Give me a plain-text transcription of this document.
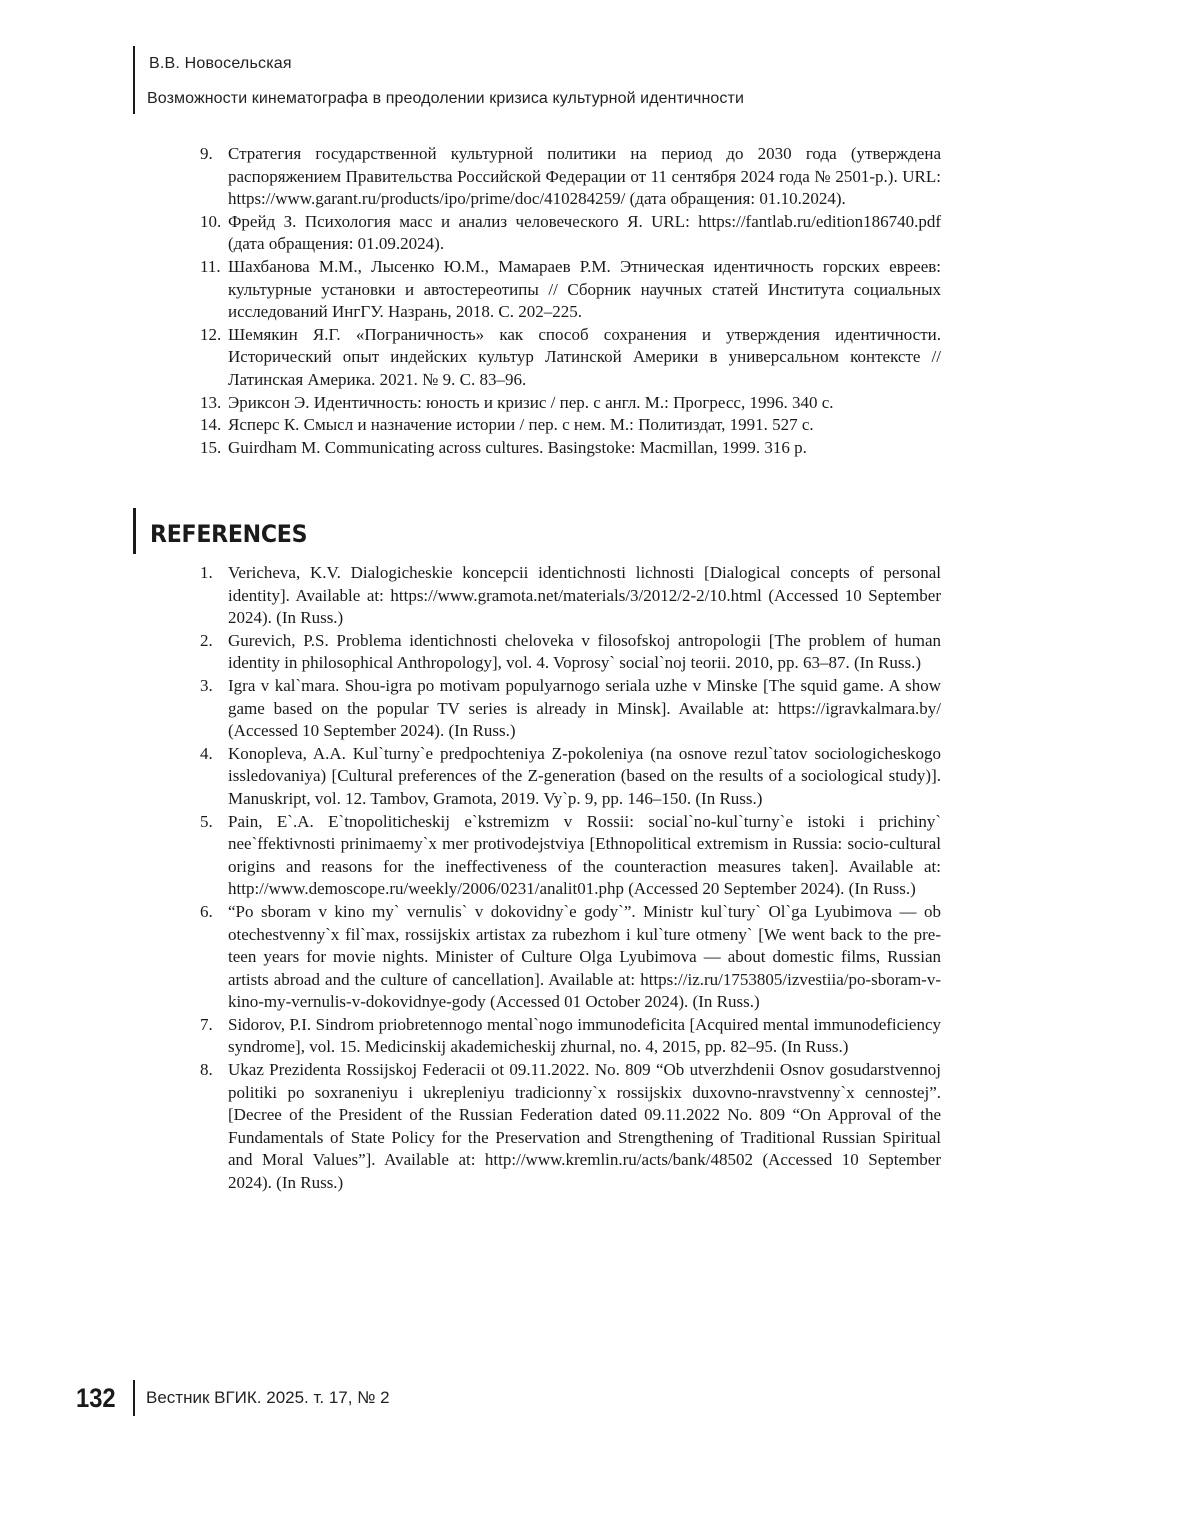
В.В. Новосельская
Возможности кинематографа в преодолении кризиса культурной идентичности
9. Стратегия государственной культурной политики на период до 2030 года (утверждена распоряжением Правительства Российской Федерации от 11 сентября 2024 года № 2501-р.). URL: https://www.garant.ru/products/ipo/prime/doc/410284259/ (дата обращения: 01.10.2024).
10. Фрейд З. Психология масс и анализ человеческого Я. URL: https://fantlab.ru/edition186740.pdf (дата обращения: 01.09.2024).
11. Шахбанова М.М., Лысенко Ю.М., Мамараев Р.М. Этническая идентичность горских евреев: культурные установки и автостереотипы // Сборник научных статей Института социальных исследований ИнгГУ. Назрань, 2018. С. 202–225.
12. Шемякин Я.Г. «Пограничность» как способ сохранения и утверждения идентичности. Исторический опыт индейских культур Латинской Америки в универсальном контексте // Латинская Америка. 2021. № 9. С. 83–96.
13. Эриксон Э. Идентичность: юность и кризис / пер. с англ. М.: Прогресс, 1996. 340 с.
14. Ясперс К. Смысл и назначение истории / пер. с нем. М.: Политиздат, 1991. 527 с.
15. Guirdham M. Communicating across cultures. Basingstoke: Macmillan, 1999. 316 p.
REFERENCES
1. Vericheva, K.V. Dialogicheskie koncepcii identichnosti lichnosti [Dialogical concepts of personal identity]. Available at: https://www.gramota.net/materials/3/2012/2-2/10.html (Accessed 10 September 2024). (In Russ.)
2. Gurevich, P.S. Problema identichnosti cheloveka v filosofskoj antropologii [The problem of human identity in philosophical Anthropology], vol. 4. Voprosy` social`noj teorii. 2010, pp. 63–87. (In Russ.)
3. Igra v kal`mara. Shou-igra po motivam populyarnogo seriala uzhe v Minske [The squid game. A show game based on the popular TV series is already in Minsk]. Available at: https://igravkalmara.by/ (Accessed 10 September 2024). (In Russ.)
4. Konopleva, A.A. Kul`turny`e predpochteniya Z-pokoleniya (na osnove rezul`tatov sociologicheskogo issledovaniya) [Cultural preferences of the Z-generation (based on the results of a sociological study)]. Manuskript, vol. 12. Tambov, Gramota, 2019. Vy`p. 9, pp. 146–150. (In Russ.)
5. Pain, E`.A. E`tnopoliticheskij e`kstremizm v Rossii: social`no-kul`turny`e istoki i prichiny` nee`ffektivnosti prinimaemy`x mer protivodejstviya [Ethnopolitical extremism in Russia: socio-cultural origins and reasons for the ineffectiveness of the counteraction measures taken]. Available at: http://www.demoscope.ru/weekly/2006/0231/analit01.php (Accessed 20 September 2024). (In Russ.)
6. “Po sboram v kino my` vernulis` v dokovidny`e gody`”. Ministr kul`tury` Ol`ga Lyubimova — ob otechestvenny`x fil`max, rossijskix artistax za rubezhom i kul`ture otmeny` [We went back to the pre-teen years for movie nights. Minister of Culture Olga Lyubimova — about domestic films, Russian artists abroad and the culture of cancellation]. Available at: https://iz.ru/1753805/izvestiia/po-sboram-v-kino-my-vernulis-v-dokovidnye-gody (Accessed 01 October 2024). (In Russ.)
7. Sidorov, P.I. Sindrom priobretennogo mental`nogo immunodeficita [Acquired mental immunodeficiency syndrome], vol. 15. Medicinskij akademicheskij zhurnal, no. 4, 2015, pp. 82–95. (In Russ.)
8. Ukaz Prezidenta Rossijskoj Federacii ot 09.11.2022. No. 809 “Ob utverzhdenii Osnov gosudarstvennoj politiki po soxraneniyu i ukrepleniyu tradicionny`x rossijskix duxovno-nravstvenny`x cennostej”. [Decree of the President of the Russian Federation dated 09.11.2022 No. 809 “On Approval of the Fundamentals of State Policy for the Preservation and Strengthening of Traditional Russian Spiritual and Moral Values”]. Available at: http://www.kremlin.ru/acts/bank/48502 (Accessed 10 September 2024). (In Russ.)
132 Вестник ВГИК. 2025. т. 17, № 2
